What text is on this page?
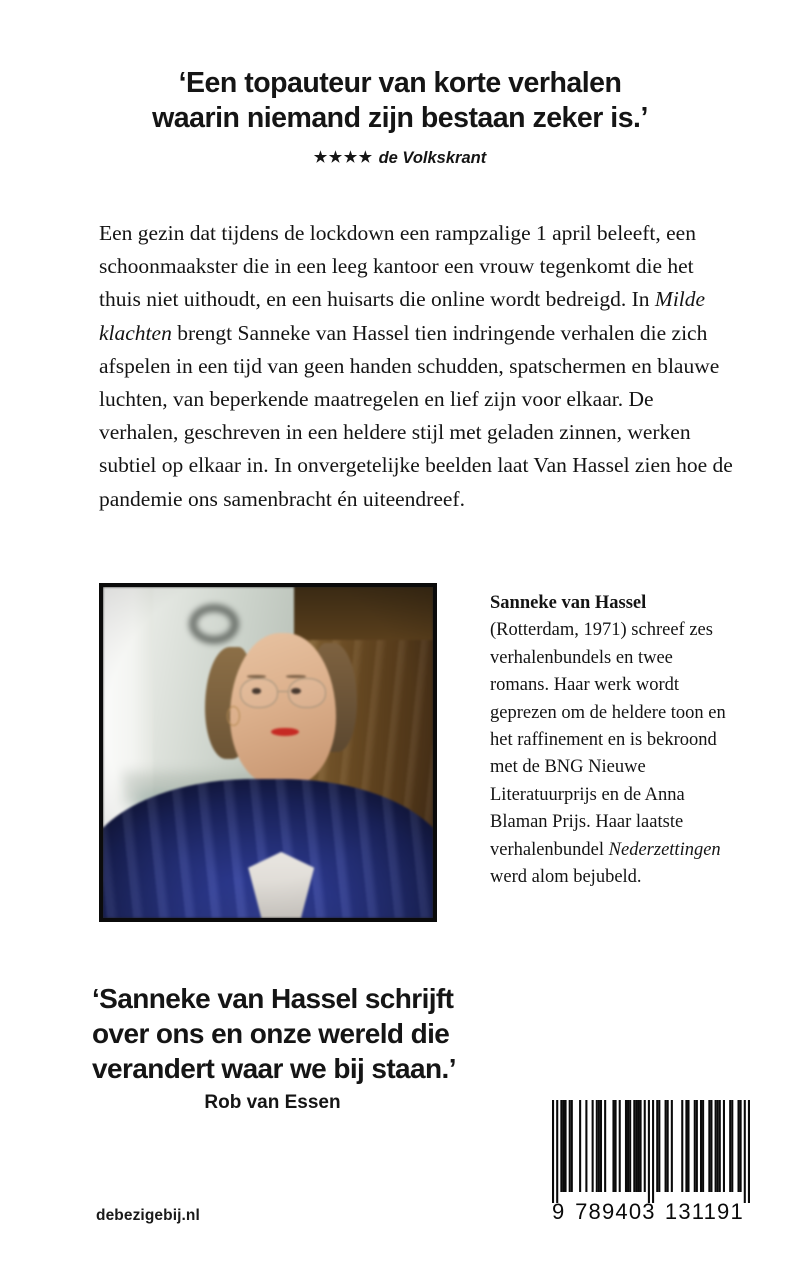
‘Een topauteur van korte verhalen
waarin niemand zijn bestaan zeker is.’
★★★★ de Volkskrant

Een gezin dat tijdens de lockdown een rampzalige 1 april beleeft, een schoonmaakster die in een leeg kantoor een vrouw tegenkomt die het thuis niet uithoudt, en een huisarts die online wordt bedreigd. In Milde klachten brengt Sanneke van Hassel tien indringende verhalen die zich afspelen in een tijd van geen handen schudden, spatschermen en blauwe luchten, van beperkende maatregelen en lief zijn voor elkaar. De verhalen, geschreven in een heldere stijl met geladen zinnen, werken subtiel op elkaar in. In onvergetelijke beelden laat Van Hassel zien hoe de pandemie ons samenbracht én uiteendreef.

Sanneke van Hassel (Rotterdam, 1971) schreef zes verhalenbundels en twee romans. Haar werk wordt geprezen om de heldere toon en het raffinement en is bekroond met de BNG Nieuwe Literatuurprijs en de Anna Blaman Prijs. Haar laatste verhalenbundel Nederzettingen werd alom bejubeld.

‘Sanneke van Hassel schrijft
over ons en onze wereld die
verandert waar we bij staan.’
Rob van Essen
debezigebij.nl	9 789403 131191
